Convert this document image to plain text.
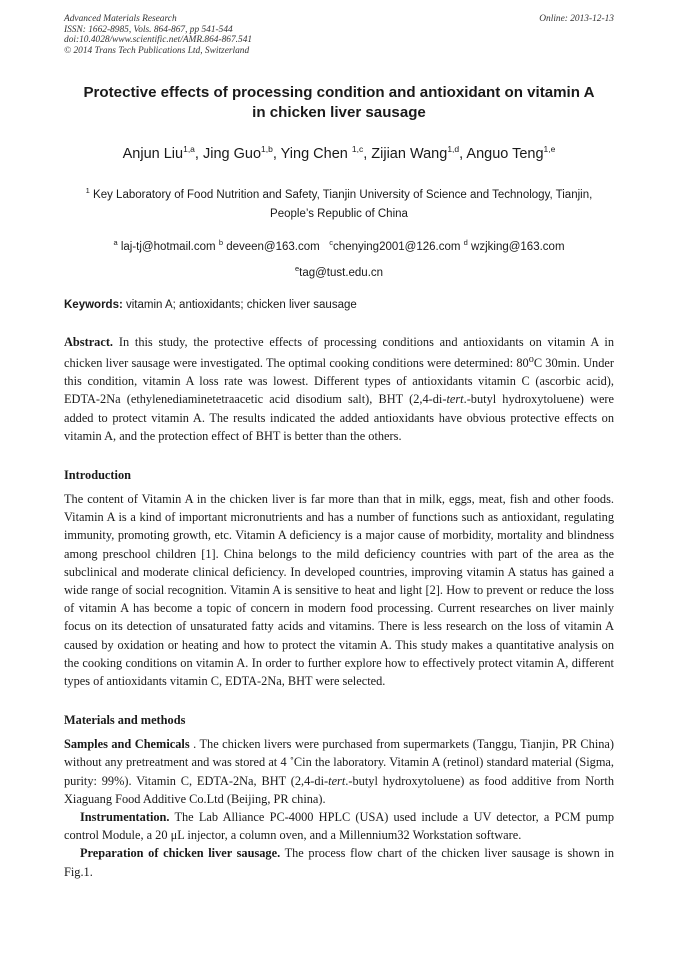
Advanced Materials Research
ISSN: 1662-8985, Vols. 864-867, pp 541-544
doi:10.4028/www.scientific.net/AMR.864-867.541
© 2014 Trans Tech Publications Ltd, Switzerland
Online: 2013-12-13
Protective effects of processing condition and antioxidant on vitamin A
in chicken liver sausage
Anjun Liu$^{1,a}$, Jing Guo$^{1,b}$, Ying Chen $^{1,c}$, Zijian Wang$^{1,d}$, Anguo Teng$^{1,e}$
$^1$ Key Laboratory of Food Nutrition and Safety, Tianjin University of Science and Technology, Tianjin,
People’s Republic of China
$^a$ laj-tj@hotmail.com $^b$ deveen@163.com $^c$chenying2001@126.com $^d$ wzjking@163.com
$^e$tag@tust.edu.cn
Keywords: vitamin A; antioxidants; chicken liver sausage

Abstract. In this study, the protective effects of processing conditions and antioxidants on vitamin A in chicken liver sausage were investigated. The optimal cooking conditions were determined: 80$^o$C 30min. Under this condition, vitamin A loss rate was lowest. Different types of antioxidants vitamin C (ascorbic acid), EDTA-2Na (ethylenediaminetetraacetic acid disodium salt), BHT (2,4-di-tert.-butyl hydroxytoluene) were added to protect vitamin A. The results indicated the added antioxidants have obvious protective effects on vitamin A, and the protection effect of BHT is better than the others.

Introduction

The content of Vitamin A in the chicken liver is far more than that in milk, eggs, meat, fish and other foods. Vitamin A is a kind of important micronutrients and has a number of functions such as antioxidant, regulating immunity, promoting growth, etc. Vitamin A deficiency is a major cause of morbidity, mortality and blindness among preschool children [1]. China belongs to the mild deficiency countries with part of the area as the subclinical and moderate clinical deficiency. In developed countries, improving vitamin A status has gained a wide range of social recognition. Vitamin A is sensitive to heat and light [2]. How to prevent or reduce the loss of vitamin A has become a topic of concern in modern food processing. Current researches on liver mainly focus on its detection of unsaturated fatty acids and vitamins. There is less research on the loss of vitamin A caused by oxidation or heating and how to protect the vitamin A. This study makes a quantitative analysis on the cooking conditions on vitamin A. In order to further explore how to effectively protect vitamin A, different types of antioxidants vitamin C, EDTA-2Na, BHT were selected.

Materials and methods

Samples and Chemicals . The chicken livers were purchased from supermarkets (Tanggu, Tianjin, PR China) without any pretreatment and was stored at 4 ˚Cin the laboratory. Vitamin A (retinol) standard material (Sigma, purity: 99%). Vitamin C, EDTA-2Na, BHT (2,4-di-tert.-butyl hydroxytoluene) as food additive from North Xiaguang Food Additive Co.Ltd (Beijing, PR china).

Instrumentation. The Lab Alliance PC-4000 HPLC (USA) used include a UV detector, a PCM pump control Module, a 20 μL injector, a column oven, and a Millennium32 Workstation software.

Preparation of chicken liver sausage. The process flow chart of the chicken liver sausage is shown in Fig.1.
